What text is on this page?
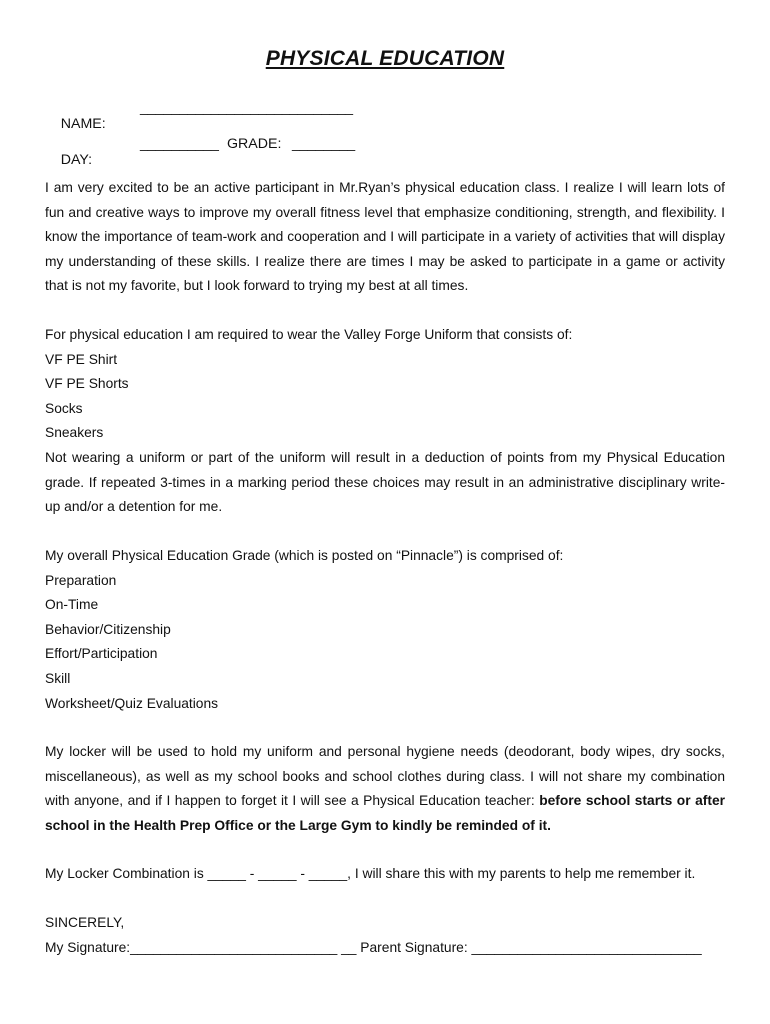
PHYSICAL EDUCATION

NAME:

___________________________

DAY:

__________ GRADE: ________
I am very excited to be an active participant in Mr.Ryan’s physical education class. I realize I will learn lots of fun and creative ways to improve my overall fitness level that emphasize conditioning, strength, and flexibility. I know the importance of team-work and cooperation and I will participate in a variety of activities that will display my understanding of these skills. I realize there are times I may be asked to participate in a game or activity that is not my favorite, but I look forward to trying my best at all times.
For physical education I am required to wear the Valley Forge Uniform that consists of:
VF PE Shirt
VF PE Shorts
Socks
Sneakers
Not wearing a uniform or part of the uniform will result in a deduction of points from my Physical Education grade. If repeated 3-times in a marking period these choices may result in an administrative disciplinary write-up and/or a detention for me.
My overall Physical Education Grade (which is posted on “Pinnacle”) is comprised of:
Preparation
On-Time
Behavior/Citizenship
Effort/Participation
Skill
Worksheet/Quiz Evaluations
My locker will be used to hold my uniform and personal hygiene needs (deodorant, body wipes, dry socks, miscellaneous), as well as my school books and school clothes during class. I will not share my combination with anyone, and if I happen to forget it I will see a Physical Education teacher: before school starts or after school in the Health Prep Office or the Large Gym to kindly be reminded of it.
My Locker Combination is _____ - _____ - _____, I will share this with my parents to help me remember it.
SINCERELY,
My Signature:___________________________ __ Parent Signature: ______________________________
